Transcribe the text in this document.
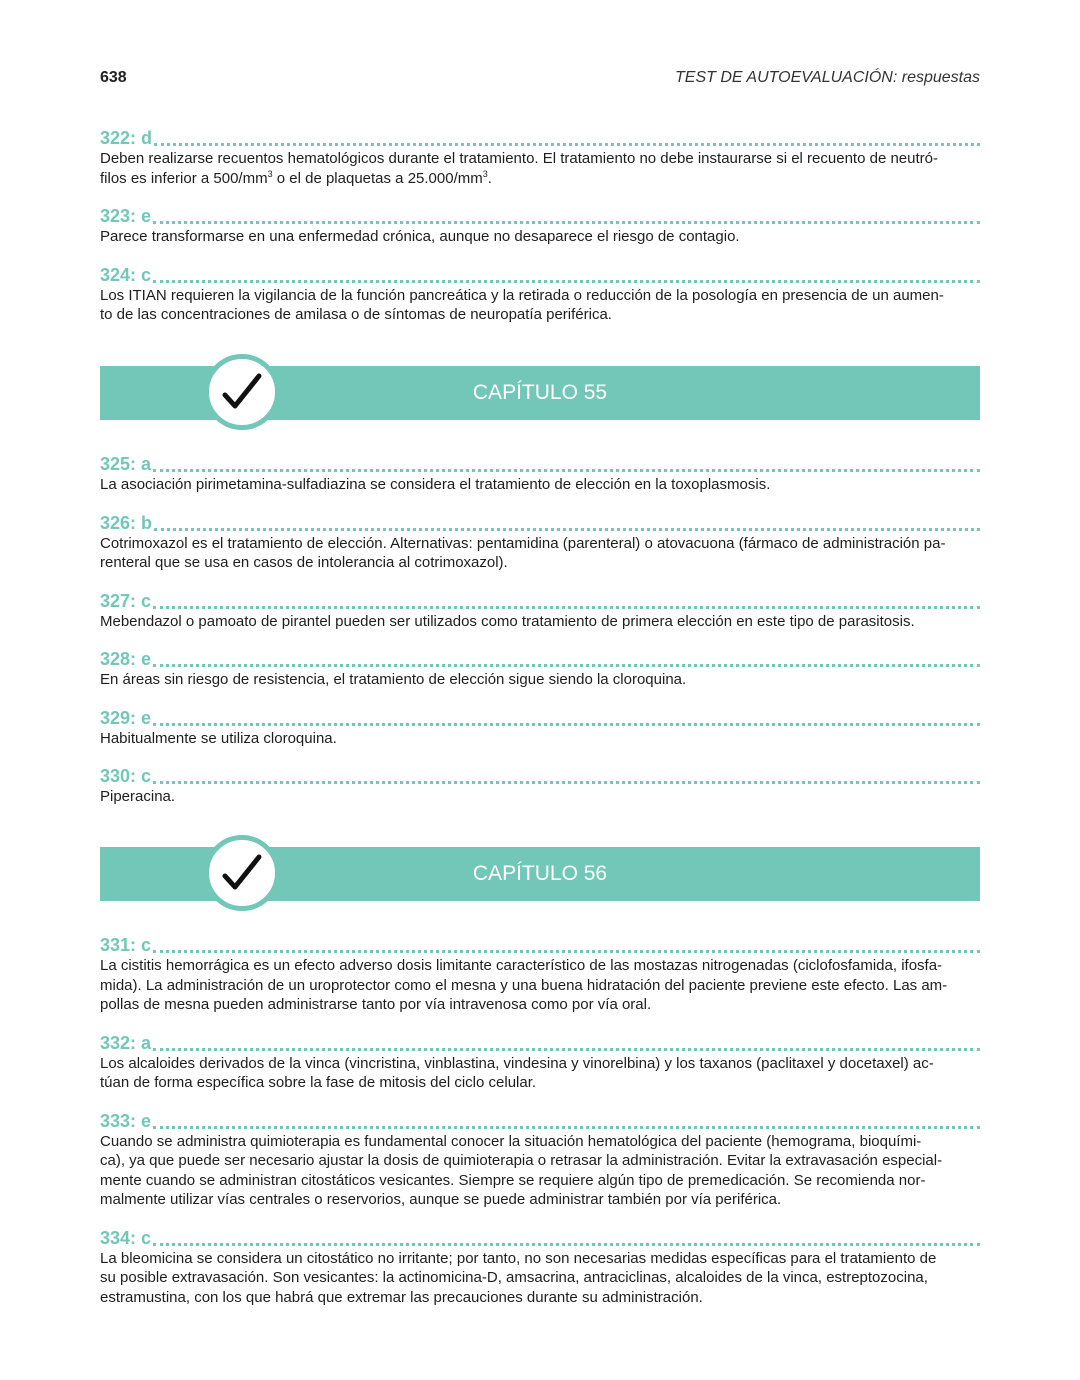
638	TEST DE AUTOEVALUACIÓN: respuestas
322: d
Deben realizarse recuentos hematológicos durante el tratamiento. El tratamiento no debe instaurarse si el recuento de neutró-
filos es inferior a $500/mm^3$ o el de plaquetas a $25.000/mm^3$.
323: e
Parece transformarse en una enfermedad crónica, aunque no desaparece el riesgo de contagio.
324: c
Los ITIAN requieren la vigilancia de la función pancreática y la retirada o reducción de la posología en presencia de un aumen-
to de las concentraciones de amilasa o de síntomas de neuropatía periférica.
CAPÍTULO 55
325: a
La asociación pirimetamina-sulfadiazina se considera el tratamiento de elección en la toxoplasmosis.
326: b
Cotrimoxazol es el tratamiento de elección. Alternativas: pentamidina (parenteral) o atovacuona (fármaco de administración pa-
renteral que se usa en casos de intolerancia al cotrimoxazol).
327: c
Mebendazol o pamoato de pirantel pueden ser utilizados como tratamiento de primera elección en este tipo de parasitosis.
328: e
En áreas sin riesgo de resistencia, el tratamiento de elección sigue siendo la cloroquina.
329: e
Habitualmente se utiliza cloroquina.
330: c
Piperacina.
CAPÍTULO 56
331: c
La cistitis hemorrágica es un efecto adverso dosis limitante característico de las mostazas nitrogenadas (ciclofosfamida, ifosfa-
mida). La administración de un uroprotector como el mesna y una buena hidratación del paciente previene este efecto. Las am-
pollas de mesna pueden administrarse tanto por vía intravenosa como por vía oral.
332: a
Los alcaloides derivados de la vinca (vincristina, vinblastina, vindesina y vinorelbina) y los taxanos (paclitaxel y docetaxel) ac-
túan de forma específica sobre la fase de mitosis del ciclo celular.
333: e
Cuando se administra quimioterapia es fundamental conocer la situación hematológica del paciente (hemograma, bioquími-
ca), ya que puede ser necesario ajustar la dosis de quimioterapia o retrasar la administración. Evitar la extravasación especial-
mente cuando se administran citostáticos vesicantes. Siempre se requiere algún tipo de premedicación. Se recomienda nor-
malmente utilizar vías centrales o reservorios, aunque se puede administrar también por vía periférica.
334: c
La bleomicina se considera un citostático no irritante; por tanto, no son necesarias medidas específicas para el tratamiento de
su posible extravasación. Son vesicantes: la actinomicina-D, amsacrina, antraciclinas, alcaloides de la vinca, estreptozocina,
estramustina, con los que habrá que extremar las precauciones durante su administración.
